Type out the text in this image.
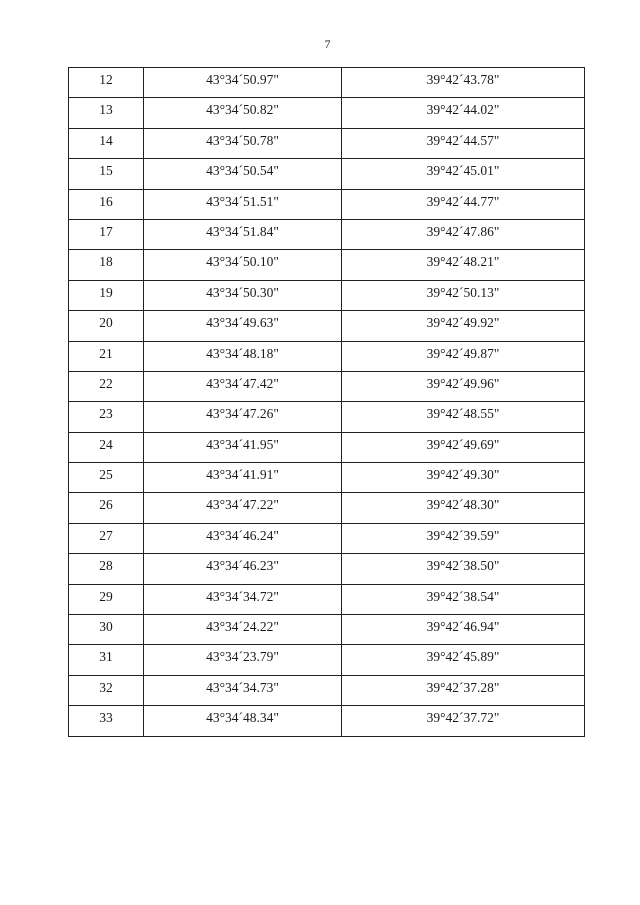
7
12	43°34´50.97"	39°42´43.78"
13	43°34´50.82"	39°42´44.02"
14	43°34´50.78"	39°42´44.57"
15	43°34´50.54"	39°42´45.01"
16	43°34´51.51"	39°42´44.77"
17	43°34´51.84"	39°42´47.86"
18	43°34´50.10"	39°42´48.21"
19	43°34´50.30"	39°42´50.13"
20	43°34´49.63"	39°42´49.92"
21	43°34´48.18"	39°42´49.87"
22	43°34´47.42"	39°42´49.96"
23	43°34´47.26"	39°42´48.55"
24	43°34´41.95"	39°42´49.69"
25	43°34´41.91"	39°42´49.30"
26	43°34´47.22"	39°42´48.30"
27	43°34´46.24"	39°42´39.59"
28	43°34´46.23"	39°42´38.50"
29	43°34´34.72"	39°42´38.54"
30	43°34´24.22"	39°42´46.94"
31	43°34´23.79"	39°42´45.89"
32	43°34´34.73"	39°42´37.28"
33	43°34´48.34"	39°42´37.72"
